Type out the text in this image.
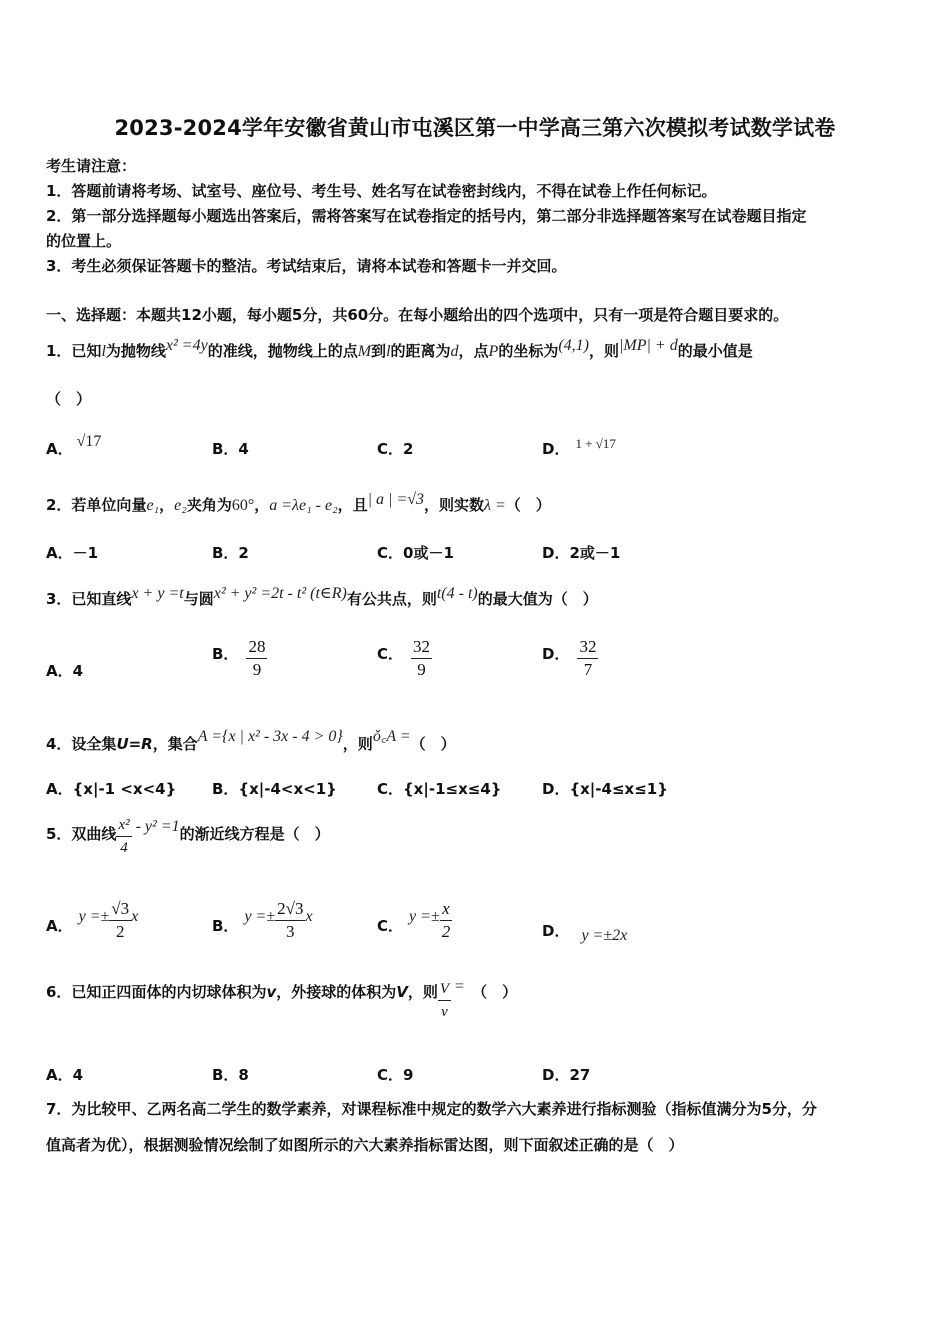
2023-2024学年安徽省黄山市屯溪区第一中学高三第六次模拟考试数学试卷
考生请注意：
1．答题前请将考场、试室号、座位号、考生号、姓名写在试卷密封线内，不得在试卷上作任何标记。
2．第一部分选择题每小题选出答案后，需将答案写在试卷指定的括号内，第二部分非选择题答案写在试卷题目指定
的位置上。
3．考生必须保证答题卡的整洁。考试结束后，请将本试卷和答题卡一并交回。
一、选择题：本题共12小题，每小题5分，共60分。在每小题给出的四个选项中，只有一项是符合题目要求的。
1．已知l为抛物线x² =4y的准线，抛物线上的点M到l的距离为d，点P的坐标为(4,1)，则|MP| + d的最小值是
（　）
A． √17	B．4	C．2	D． 1 + √17
2．若单位向量e₁，e₂夹角为60°，a =λe₁ - e₂，且| a | =√3，则实数λ =（　）
A．－1	B．2	C．0或－1	D．2或－1
3．已知直线x + y =t与圆x² + y² =2t - t² (t∈R)有公共点，则t(4 - t)的最大值为（　）
A．4
B． $\frac{28}{9}$	C． $\frac{32}{9}$	D． $\frac{32}{7}$
4．设全集U=R，集合A ={x | x² - 3x - 4 > 0}，则ǒ꜀A =（　）
A．{x|-1 <x<4} B．{x|-4<x<1}	C．{x|-1≤x≤4}	D．{x|-4≤x≤1}
5．双曲线 $\frac{\text{x²}}{4} - y^2 =1$的渐近线方程是（　）
A．$y =\pm \frac{√3}{2}$ x
B．$y =\pm \frac{2√3}{3}$ x
C．$y =\pm \frac{x}{2}$	D． y =±2x
6．已知正四面体的内切球体积为v，外接球的体积为V，则 $\frac{V}{v}$ = （　）
A．4	B．8	C．9	D．27
7．为比较甲、乙两名高二学生的数学素养，对课程标准中规定的数学六大素养进行指标测验（指标值满分为5分，分
值高者为优），根据测验情况绘制了如图所示的六大素养指标雷达图，则下面叙述正确的是（　）
